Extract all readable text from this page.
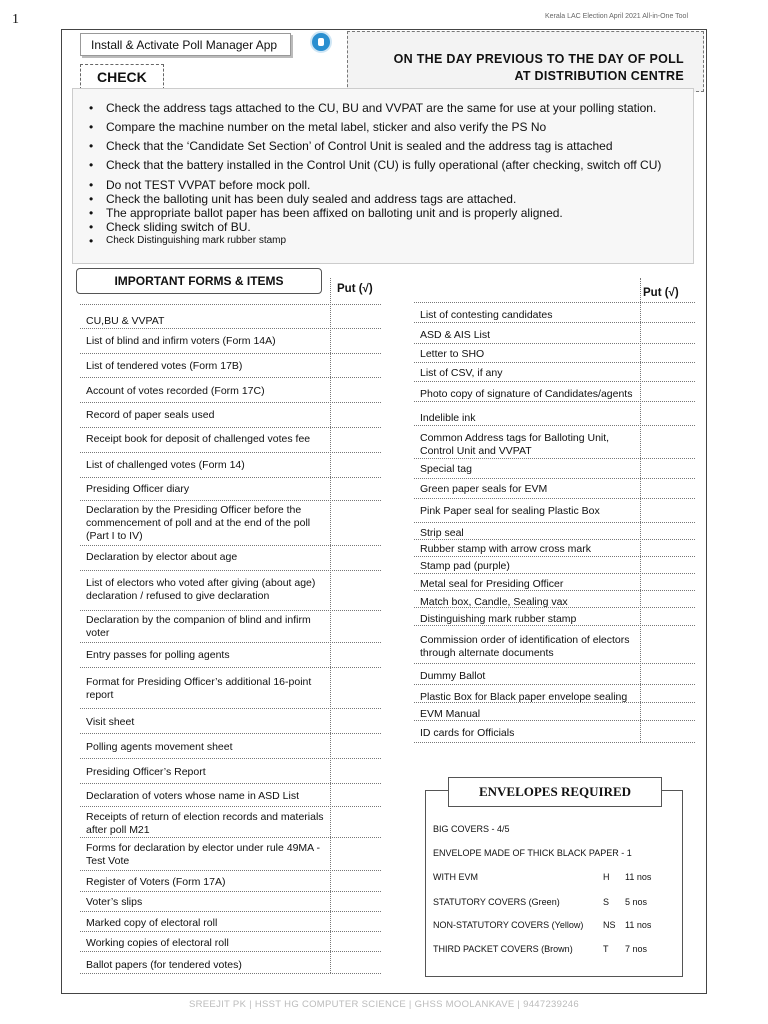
1	Kerala LAC Election April 2021 All-in-One Tool
Install & Activate Poll Manager App
CHECK
ON THE DAY PREVIOUS TO THE DAY OF POLL
AT DISTRIBUTION CENTRE
• Check the address tags attached to the CU, BU and VVPAT are the same for use at your polling station.
• Compare the machine number on the metal label, sticker and also verify the PS No
• Check that the ‘Candidate Set Section’ of Control Unit is sealed and the address tag is attached
• Check that the battery installed in the Control Unit (CU) is fully operational (after checking, switch off CU)
• Do not TEST VVPAT before mock poll.
• Check the balloting unit has been duly sealed and address tags are attached.
• The appropriate ballot paper has been affixed on balloting unit and is properly aligned.
• Check sliding switch of BU.
• Check Distinguishing mark rubber stamp
IMPORTANT FORMS & ITEMS
Put (√)	Put (√)
CU,BU & VVPAT
List of blind and infirm voters (Form 14A)
List of tendered votes (Form 17B)
Account of votes recorded (Form 17C)
Record of paper seals used
Receipt book for deposit of challenged votes fee
List of challenged votes (Form 14)
Presiding Officer diary
Declaration by the Presiding Officer before the commencement of poll and at the end of the poll (Part I to IV)
Declaration by elector about age
List of electors who voted after giving (about age) declaration / refused to give declaration
Declaration by the companion of blind and infirm voter
Entry passes for polling agents
Format for Presiding Officer’s additional 16-point report
Visit sheet
Polling agents movement sheet
Presiding Officer’s Report
Declaration of voters whose name in ASD List
Receipts of return of election records and materials after poll M21
Forms for declaration by elector under rule 49MA - Test Vote
Register of Voters (Form 17A)
Voter’s slips
Marked copy of electoral roll
Working copies of electoral roll
Ballot papers (for tendered votes)
List of contesting candidates
ASD & AIS List
Letter to SHO
List of CSV, if any
Photo copy of signature of Candidates/agents
Indelible ink
Common Address tags for Balloting Unit, Control Unit and VVPAT
Special tag
Green paper seals for EVM
Pink Paper seal for sealing Plastic Box
Strip seal
Rubber stamp with arrow cross mark
Stamp pad (purple)
Metal seal for Presiding Officer
Match box, Candle, Sealing vax
Distinguishing mark rubber stamp
Commission order of identification of electors through alternate documents
Dummy Ballot
Plastic Box for Black paper envelope sealing
EVM Manual
ID cards for Officials
ENVELOPES REQUIRED
BIG COVERS - 4/5
ENVELOPE MADE OF THICK BLACK PAPER - 1
WITH EVM	H 11 nos
STATUTORY COVERS (Green)	S 5 nos
NON-STATUTORY COVERS (Yellow) NS 11 nos
THIRD PACKET COVERS (Brown)	T 7 nos
SREEJIT PK | HSST HG COMPUTER SCIENCE | GHSS MOOLANKAVE | 9447239246
